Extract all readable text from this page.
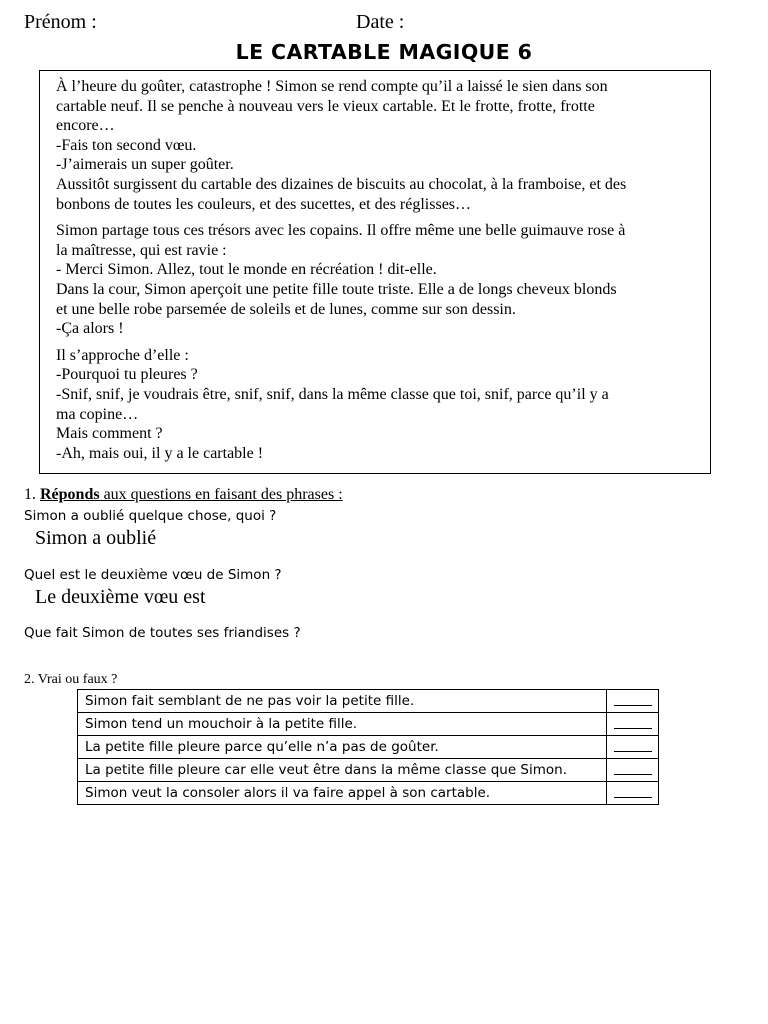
Prénom :	Date :
LE CARTABLE MAGIQUE 6

À l’heure du goûter, catastrophe ! Simon se rend compte qu’il a laissé le sien dans son
cartable neuf. Il se penche à nouveau vers le vieux cartable. Et le frotte, frotte, frotte
encore…
-Fais ton second vœu.
-J’aimerais un super goûter.
Aussitôt surgissent du cartable des dizaines de biscuits au chocolat, à la framboise, et des
bonbons de toutes les couleurs, et des sucettes, et des réglisses…

Simon partage tous ces trésors avec les copains. Il offre même une belle guimauve rose à
la maîtresse, qui est ravie :
- Merci Simon. Allez, tout le monde en récréation ! dit-elle.
Dans la cour, Simon aperçoit une petite fille toute triste. Elle a de longs cheveux blonds
et une belle robe parsemée de soleils et de lunes, comme sur son dessin.
-Ça alors !

Il s’approche d’elle :
-Pourquoi tu pleures ?
-Snif, snif, je voudrais être, snif, snif, dans la même classe que toi, snif, parce qu’il y a
ma copine…
Mais comment ?
-Ah, mais oui, il y a le cartable !

1. Réponds aux questions en faisant des phrases :
Simon a oublié quelque chose, quoi ?
Simon a oublié
Quel est le deuxième vœu de Simon ?
Le deuxième vœu est
Que fait Simon de toutes ses friandises ?
2. Vrai ou faux ?
Simon fait semblant de ne pas voir la petite fille.	
Simon tend un mouchoir à la petite fille.	
La petite fille pleure parce qu’elle n’a pas de goûter.	
La petite fille pleure car elle veut être dans la même classe que Simon.	
Simon veut la consoler alors il va faire appel à son cartable.	
